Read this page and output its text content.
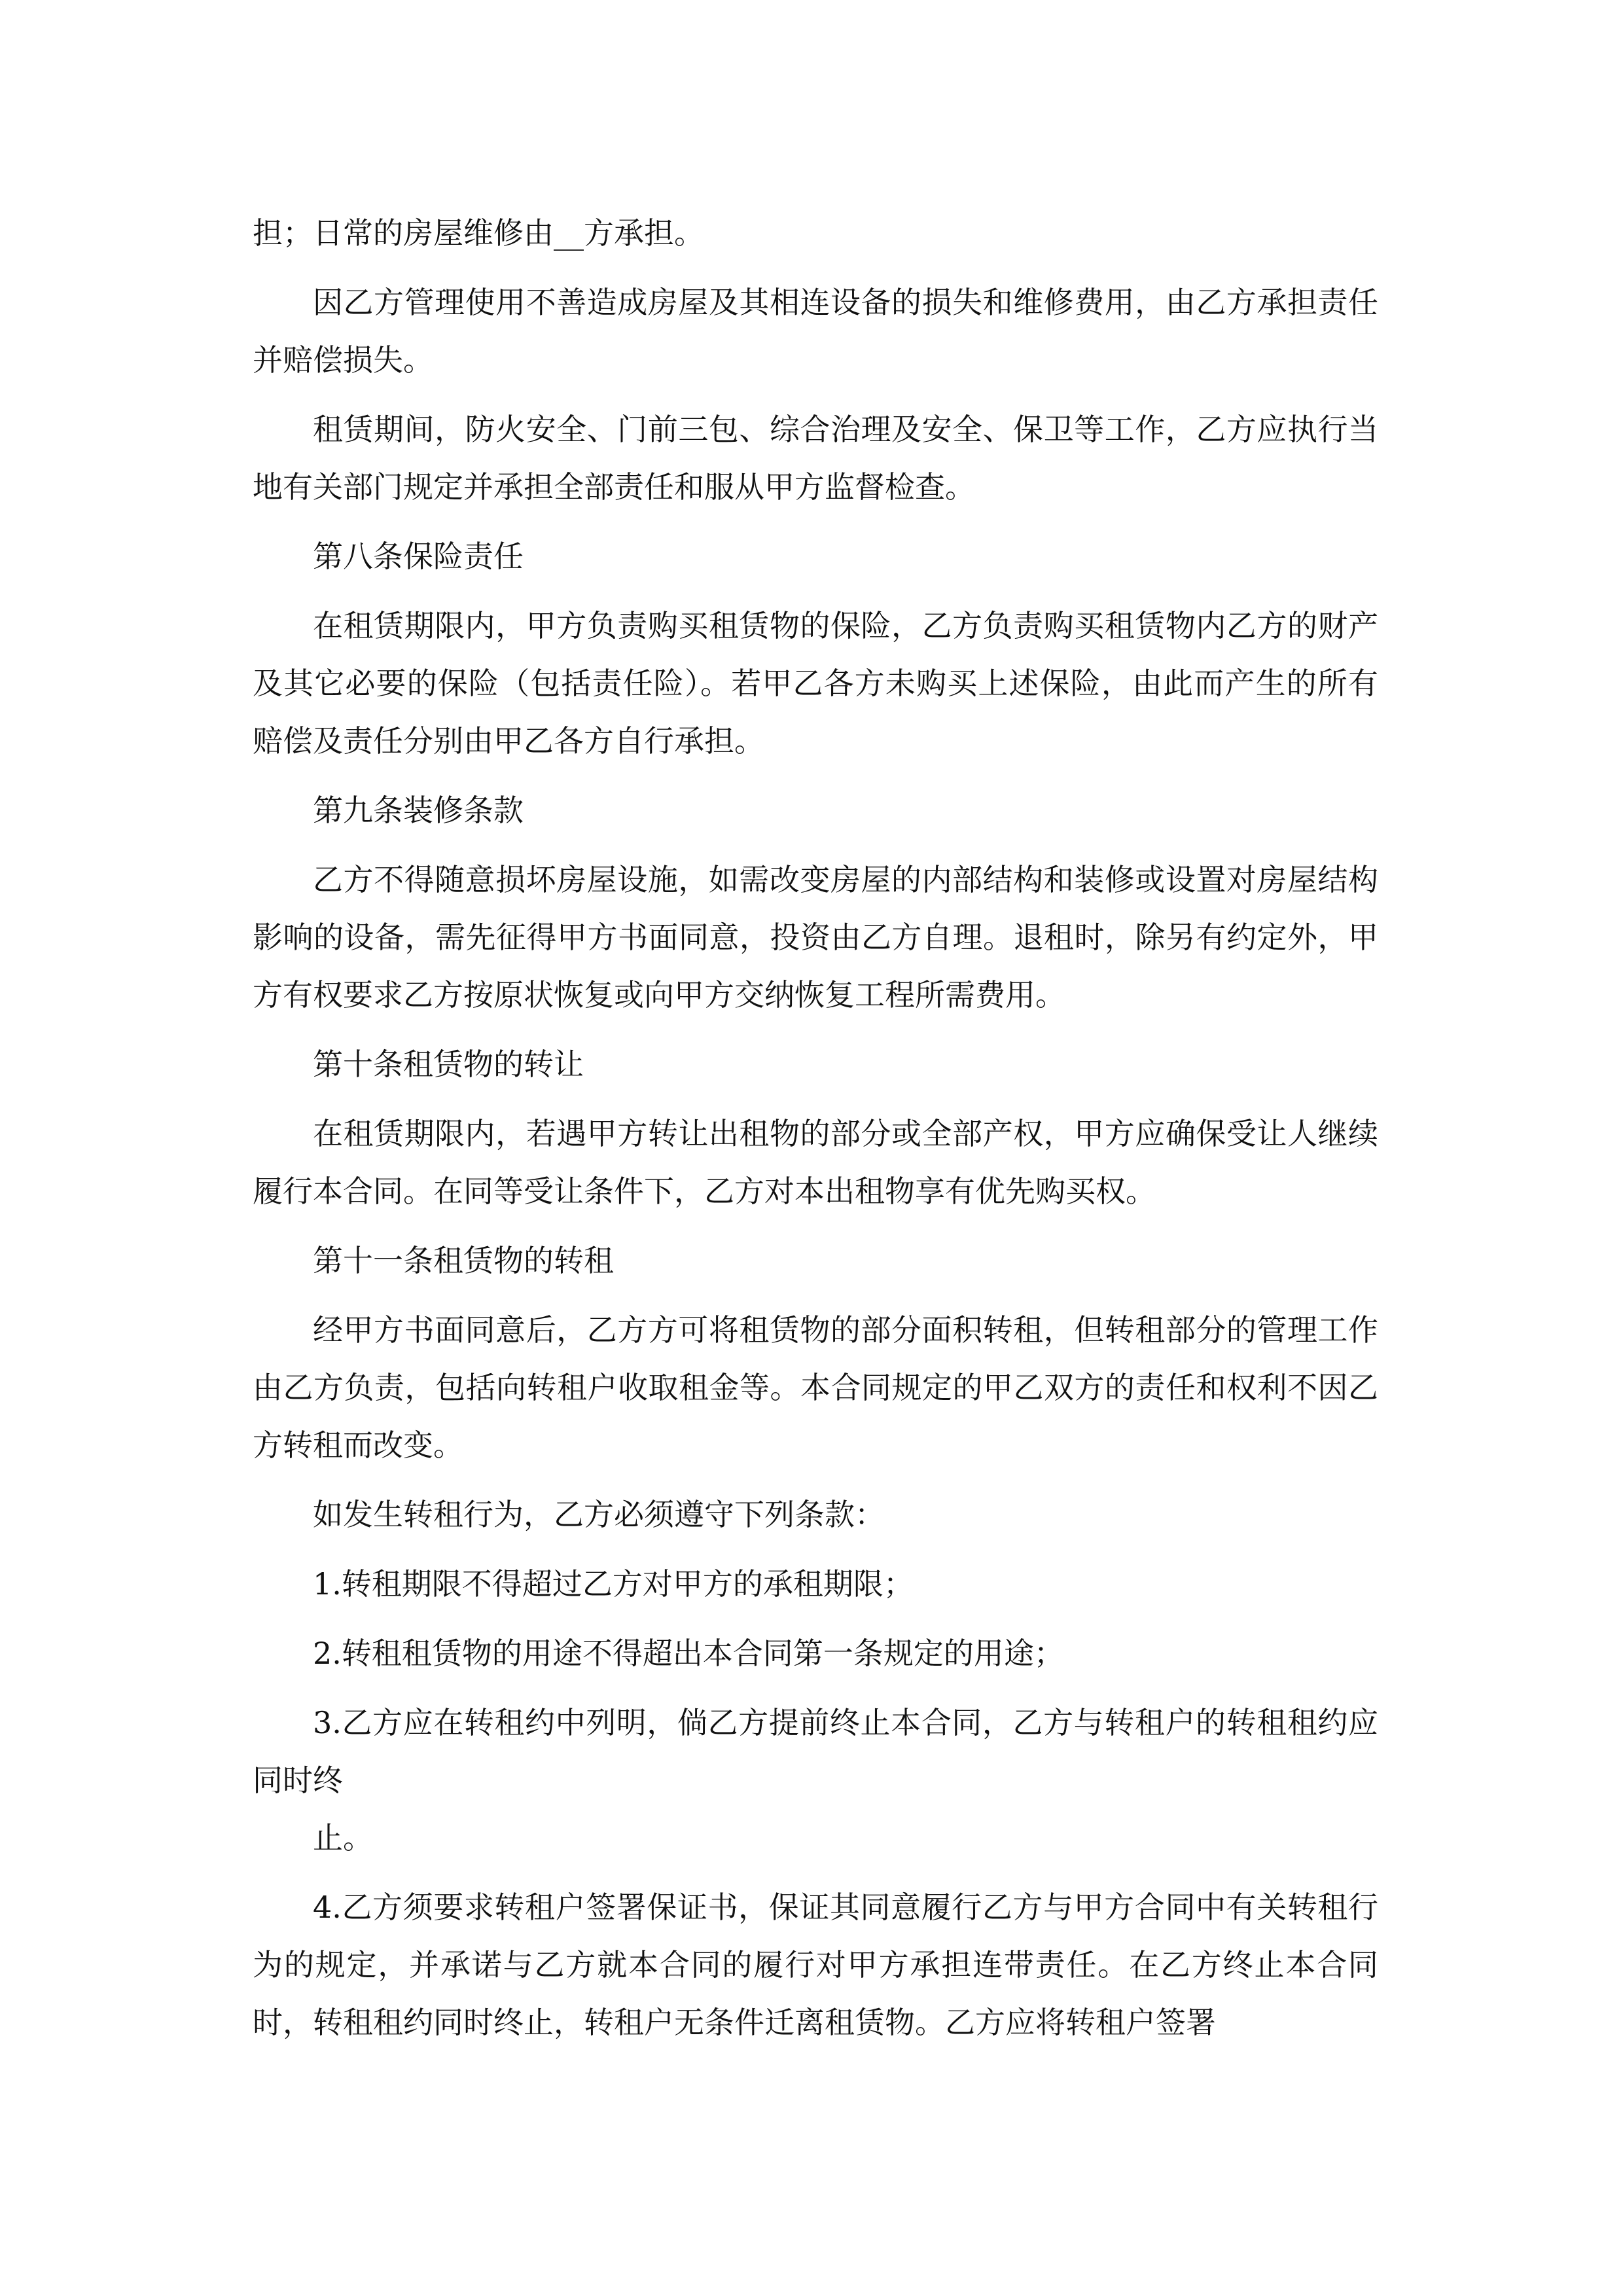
担；日常的房屋维修由__方承担。

因乙方管理使用不善造成房屋及其相连设备的损失和维修费用，由乙方承担责任并赔偿损失。

租赁期间，防火安全、门前三包、综合治理及安全、保卫等工作，乙方应执行当地有关部门规定并承担全部责任和服从甲方监督检查。

第八条保险责任

在租赁期限内，甲方负责购买租赁物的保险，乙方负责购买租赁物内乙方的财产及其它必要的保险（包括责任险）。若甲乙各方未购买上述保险，由此而产生的所有赔偿及责任分别由甲乙各方自行承担。

第九条装修条款

乙方不得随意损坏房屋设施，如需改变房屋的内部结构和装修或设置对房屋结构影响的设备，需先征得甲方书面同意，投资由乙方自理。退租时，除另有约定外，甲方有权要求乙方按原状恢复或向甲方交纳恢复工程所需费用。

第十条租赁物的转让

在租赁期限内，若遇甲方转让出租物的部分或全部产权，甲方应确保受让人继续履行本合同。在同等受让条件下，乙方对本出租物享有优先购买权。

第十一条租赁物的转租

经甲方书面同意后，乙方方可将租赁物的部分面积转租，但转租部分的管理工作由乙方负责，包括向转租户收取租金等。本合同规定的甲乙双方的责任和权利不因乙方转租而改变。

如发生转租行为，乙方必须遵守下列条款：

1.转租期限不得超过乙方对甲方的承租期限；

2.转租租赁物的用途不得超出本合同第一条规定的用途；

3.乙方应在转租约中列明，倘乙方提前终止本合同，乙方与转租户的转租租约应同时终

止。

4.乙方须要求转租户签署保证书，保证其同意履行乙方与甲方合同中有关转租行为的规定，并承诺与乙方就本合同的履行对甲方承担连带责任。在乙方终止本合同时，转租租约同时终止，转租户无条件迁离租赁物。乙方应将转租户签署
